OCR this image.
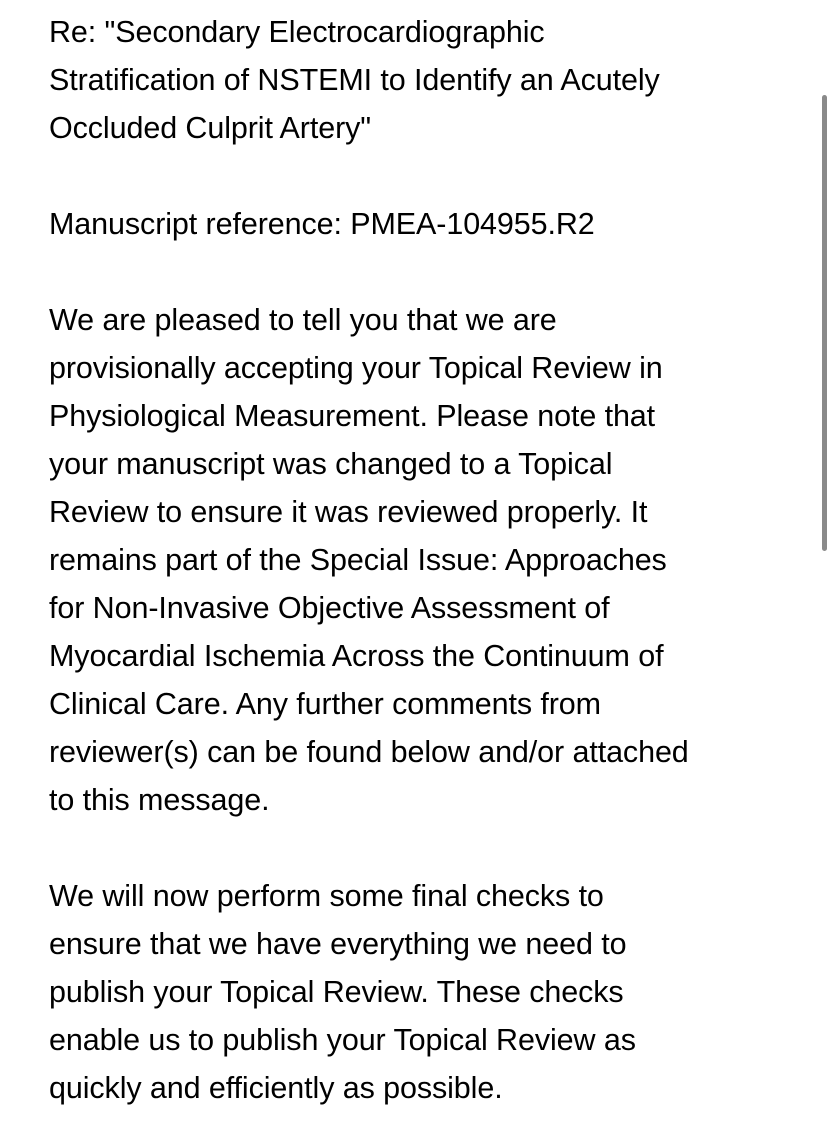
Re: "Secondary Electrocardiographic
Stratification of NSTEMI to Identify an Acutely
Occluded Culprit Artery"

Manuscript reference: PMEA-104955.R2

We are pleased to tell you that we are
provisionally accepting your Topical Review in
Physiological Measurement. Please note that
your manuscript was changed to a Topical
Review to ensure it was reviewed properly. It
remains part of the Special Issue: Approaches
for Non-Invasive Objective Assessment of
Myocardial Ischemia Across the Continuum of
Clinical Care. Any further comments from
reviewer(s) can be found below and/or attached
to this message.

We will now perform some final checks to
ensure that we have everything we need to
publish your Topical Review. These checks
enable us to publish your Topical Review as
quickly and efficiently as possible.
